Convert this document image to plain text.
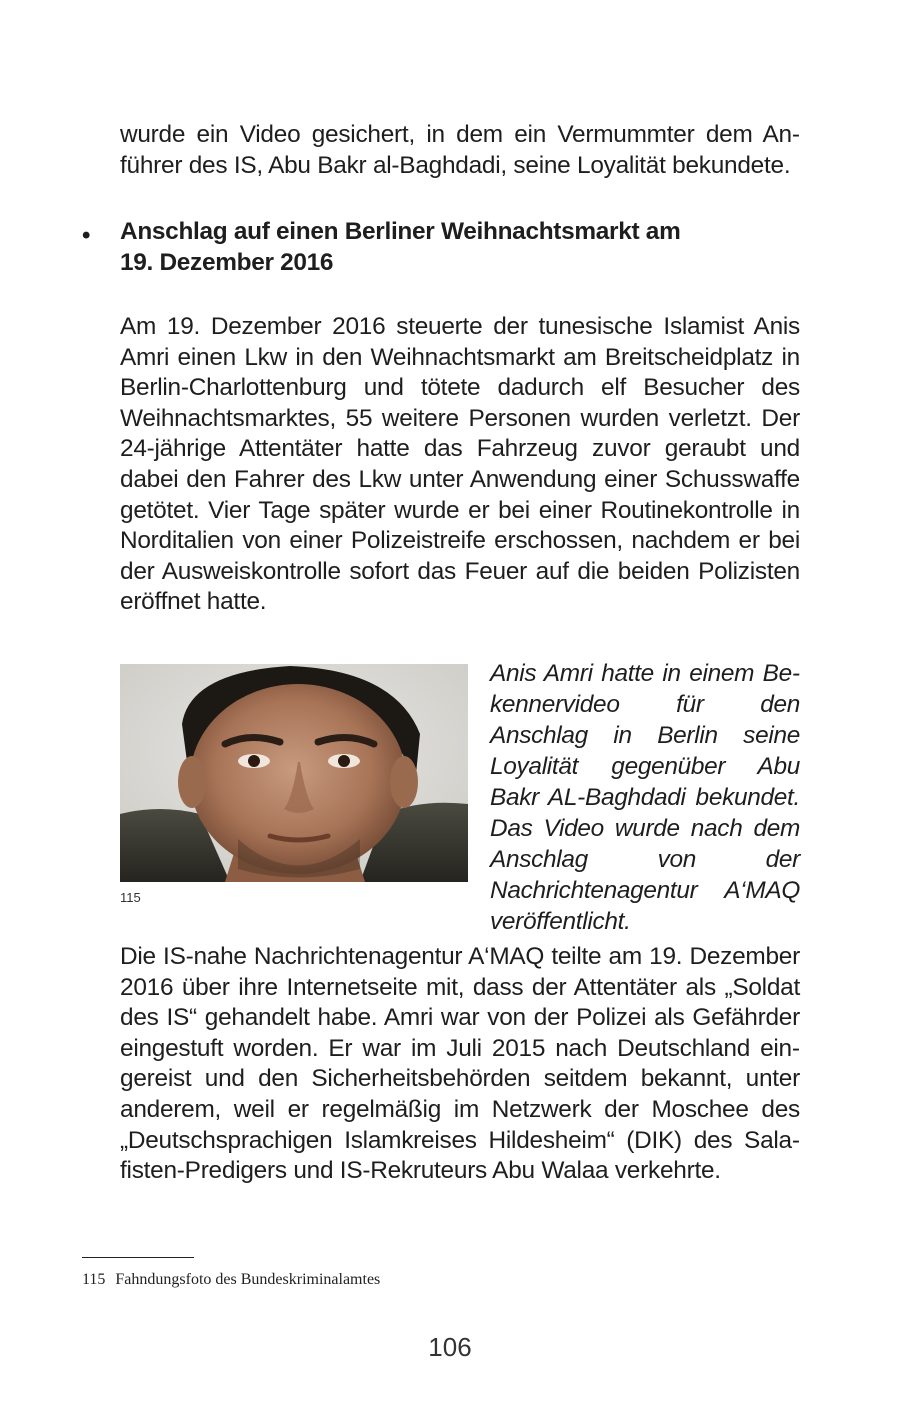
wurde ein Video gesichert, in dem ein Vermummter dem Anführer des IS, Abu Bakr al-Baghdadi, seine Loyalität bekundete.

• Anschlag auf einen Berliner Weihnachtsmarkt am
19. Dezember 2016

Am 19. Dezember 2016 steuerte der tunesische Islamist Anis Amri einen Lkw in den Weihnachtsmarkt am Breitscheidplatz in Berlin-Charlottenburg und tötete dadurch elf Besucher des Weihnachtsmarktes, 55 weitere Personen wurden verletzt. Der 24-jährige Attentäter hatte das Fahrzeug zuvor geraubt und dabei den Fahrer des Lkw unter Anwendung einer Schusswaffe getötet. Vier Tage später wurde er bei einer Routinekontrolle in Norditalien von einer Polizeistreife erschossen, nachdem er bei der Ausweiskontrolle sofort das Feuer auf die beiden Polizisten eröffnet hatte.

115

Anis Amri hatte in einem Bekennervideo für den Anschlag in Berlin seine Loyalität gegenüber Abu Bakr AL-Baghdadi bekundet. Das Video wurde nach dem Anschlag von der Nachrichtenagentur A‘MAQ veröffentlicht.

Die IS-nahe Nachrichtenagentur A‘MAQ teilte am 19. Dezember 2016 über ihre Internetseite mit, dass der Attentäter als „Soldat des IS“ gehandelt habe. Amri war von der Polizei als Gefährder eingestuft worden. Er war im Juli 2015 nach Deutschland eingereist und den Sicherheitsbehörden seitdem bekannt, unter anderem, weil er regelmäßig im Netzwerk der Moschee des „Deutschsprachigen Islamkreises Hildesheim“ (DIK) des Salafisten-Predigers und IS-Rekruteurs Abu Walaa verkehrte.

115 Fahndungsfoto des Bundeskriminalamtes

106
